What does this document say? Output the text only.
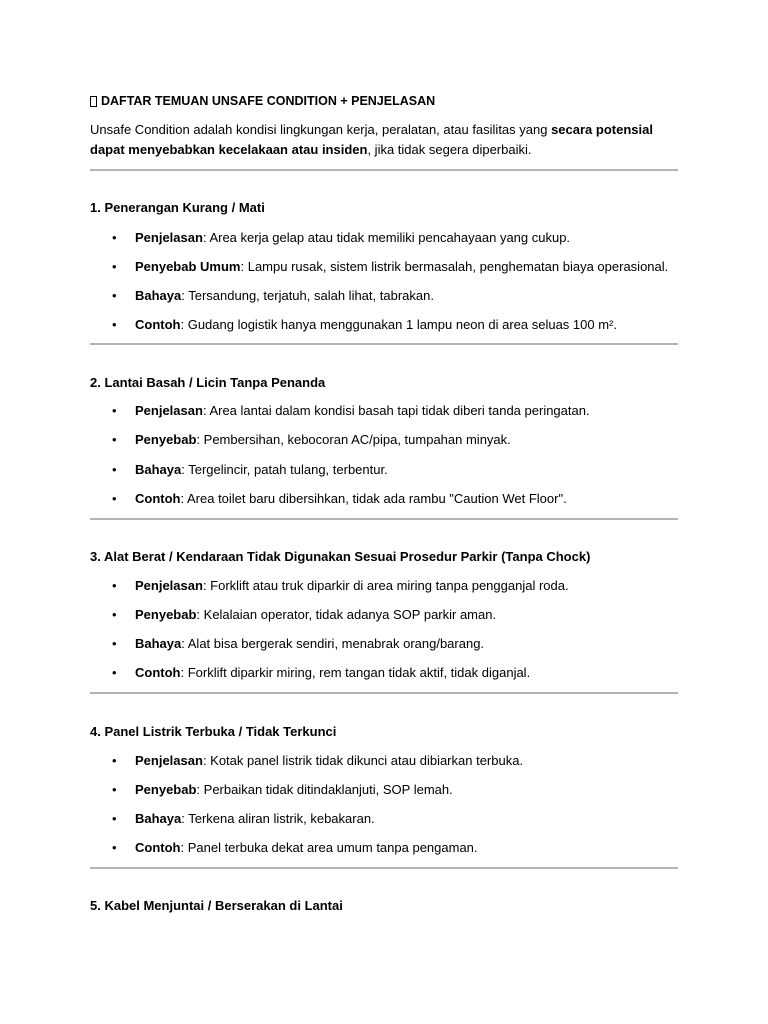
DAFTAR TEMUAN UNSAFE CONDITION + PENJELASAN
Unsafe Condition adalah kondisi lingkungan kerja, peralatan, atau fasilitas yang secara potensial dapat menyebabkan kecelakaan atau insiden, jika tidak segera diperbaiki.
1. Penerangan Kurang / Mati
•	Penjelasan : Area kerja gelap atau tidak memiliki pencahayaan yang cukup.
•	Penyebab Umum : Lampu rusak, sistem listrik bermasalah, penghematan biaya operasional.
•	Bahaya : Tersandung, terjatuh, salah lihat, tabrakan.
•	Contoh : Gudang logistik hanya menggunakan 1 lampu neon di area seluas 100 m².
2. Lantai Basah / Licin Tanpa Penanda
•	Penjelasan : Area lantai dalam kondisi basah tapi tidak diberi tanda peringatan.
•	Penyebab : Pembersihan, kebocoran AC/pipa, tumpahan minyak.
•	Bahaya : Tergelincir, patah tulang, terbentur.
•	Contoh : Area toilet baru dibersihkan, tidak ada rambu "Caution Wet Floor".
3. Alat Berat / Kendaraan Tidak Digunakan Sesuai Prosedur Parkir (Tanpa Chock)
•	Penjelasan : Forklift atau truk diparkir di area miring tanpa pengganjal roda.
•	Penyebab : Kelalaian operator, tidak adanya SOP parkir aman.
•	Bahaya : Alat bisa bergerak sendiri, menabrak orang/barang.
•	Contoh : Forklift diparkir miring, rem tangan tidak aktif, tidak diganjal.
4. Panel Listrik Terbuka / Tidak Terkunci
•	Penjelasan : Kotak panel listrik tidak dikunci atau dibiarkan terbuka.
•	Penyebab : Perbaikan tidak ditindaklanjuti, SOP lemah.
•	Bahaya : Terkena aliran listrik, kebakaran.
•	Contoh : Panel terbuka dekat area umum tanpa pengaman.
5. Kabel Menjuntai / Berserakan di Lantai
